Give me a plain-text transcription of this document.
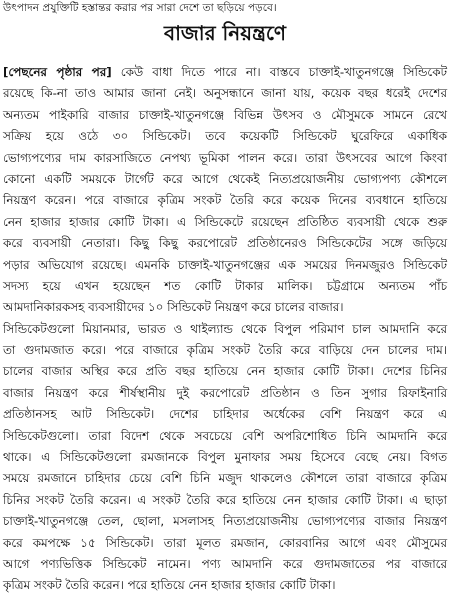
উৎপাদন প্রযুক্তিটি হস্তান্তর করার পর সারা দেশে তা ছড়িয়ে পড়বে।
বাজার নিয়ন্ত্রণে
[পেছনের পৃষ্ঠার পর] কেউ বাধা দিতে পারে না। বাস্তবে চাক্তাই-খাতুনগঞ্জে সিন্ডিকেট
রয়েছে কি-না তাও আমার জানা নেই। অনুসন্ধানে জানা যায়, কয়েক বছর ধরেই দেশের
অন্যতম পাইকারি বাজার চাক্তাই-খাতুনগঞ্জে বিভিন্ন উৎসব ও মৌসুমকে সামনে রেখে
সক্রিয় হয়ে ওঠে ৩০ সিন্ডিকেট। তবে কয়েকটি সিন্ডিকেট ঘুরেফিরে একাধিক
ভোগ্যপণ্যের দাম কারসাজিতে নেপথ্য ভূমিকা পালন করে। তারা উৎসবের আগে কিংবা
কোনো একটি সময়কে টার্গেট করে আগে থেকেই নিত্যপ্রয়োজনীয় ভোগ্যপণ্য কৌশলে
নিয়ন্ত্রণ করেন। পরে বাজারে কৃত্রিম সংকট তৈরি করে কয়েক দিনের ব্যবধানে হাতিয়ে
নেন হাজার হাজার কোটি টাকা। এ সিন্ডিকেটে রয়েছেন প্রতিষ্ঠিত ব্যবসায়ী থেকে শুরু
করে ব্যবসায়ী নেতারা। কিছু কিছু করপোরেট প্রতিষ্ঠানেরও সিন্ডিকেটের সঙ্গে জড়িয়ে
পড়ার অভিযোগ রয়েছে। এমনকি চাক্তাই-খাতুনগঞ্জের এক সময়ের দিনমজুরও সিন্ডিকেট
সদস্য হয়ে এখন হয়েছেন শত কোটি টাকার মালিক। চট্টগ্রামে অন্যতম পাঁচ
আমদানিকারকসহ ব্যবসায়ীদের ১০ সিন্ডিকেট নিয়ন্ত্রণ করে চালের বাজার।
সিন্ডিকেটগুলো মিয়ানমার, ভারত ও থাইল্যান্ড থেকে বিপুল পরিমাণ চাল আমদানি করে
তা গুদামজাত করে। পরে বাজারে কৃত্রিম সংকট তৈরি করে বাড়িয়ে দেন চালের দাম।
চালের বাজার অস্থির করে প্রতি বছর হাতিয়ে নেন হাজার কোটি টাকা। দেশের চিনির
বাজার নিয়ন্ত্রণ করে শীর্ষস্থানীয় দুই করপোরেট প্রতিষ্ঠান ও তিন সুগার রিফাইনারি
প্রতিষ্ঠানসহ আট সিন্ডিকেট। দেশের চাহিদার অর্ধেকের বেশি নিয়ন্ত্রণ করে এ
সিন্ডিকেটগুলো। তারা বিদেশ থেকে সবচেয়ে বেশি অপরিশোধিত চিনি আমদানি করে
থাকে। এ সিন্ডিকেটগুলো রমজানকে বিপুল মুনাফার সময় হিসেবে বেছে নেয়। বিগত
সময়ে রমজানে চাহিদার চেয়ে বেশি চিনি মজুদ থাকলেও কৌশলে তারা বাজারে কৃত্রিম
চিনির সংকট তৈরি করেন। এ সংকট তৈরি করে হাতিয়ে নেন হাজার কোটি টাকা। এ ছাড়া
চাক্তাই-খাতুনগঞ্জে তেল, ছোলা, মসলাসহ নিত্যপ্রয়োজনীয় ভোগ্যপণ্যের বাজার নিয়ন্ত্রণ
করে কমপক্ষে ১৫ সিন্ডিকেট। তারা মূলত রমজান, কোরবানির আগে এবং মৌসুমের
আগে পণ্যভিত্তিক সিন্ডিকেট নামেন। পণ্য আমদানি করে গুদামজাতের পর বাজারে
কৃত্রিম সংকট তৈরি করেন। পরে হাতিয়ে নেন হাজার হাজার কোটি টাকা।
